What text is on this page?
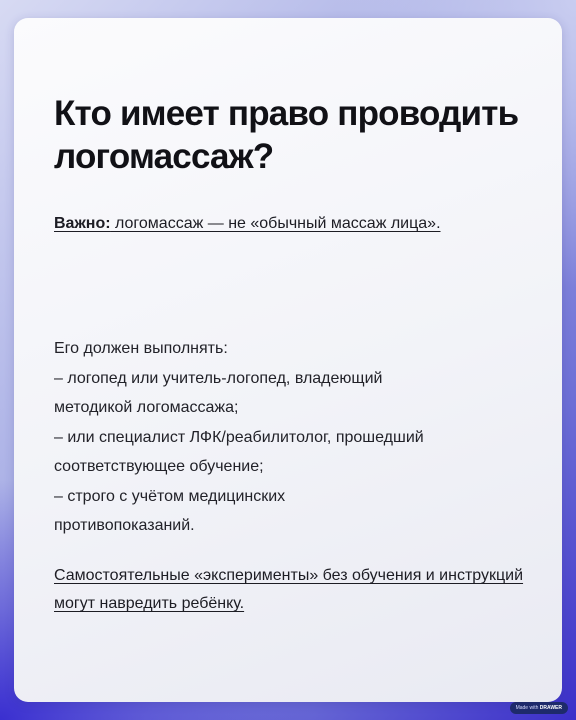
Кто имеет право проводить логомассаж?

Важно: логомассаж — не «обычный массаж лица».

Его должен выполнять:
– логопед или учитель-логопед, владеющий
методикой логомассажа;
– или специалист ЛФК/реабилитолог, прошедший
соответствующее обучение;
– строго с учётом медицинских
противопоказаний.

Самостоятельные «эксперименты» без обучения и инструкций могут навредить ребёнку.

Made with DRAWER
